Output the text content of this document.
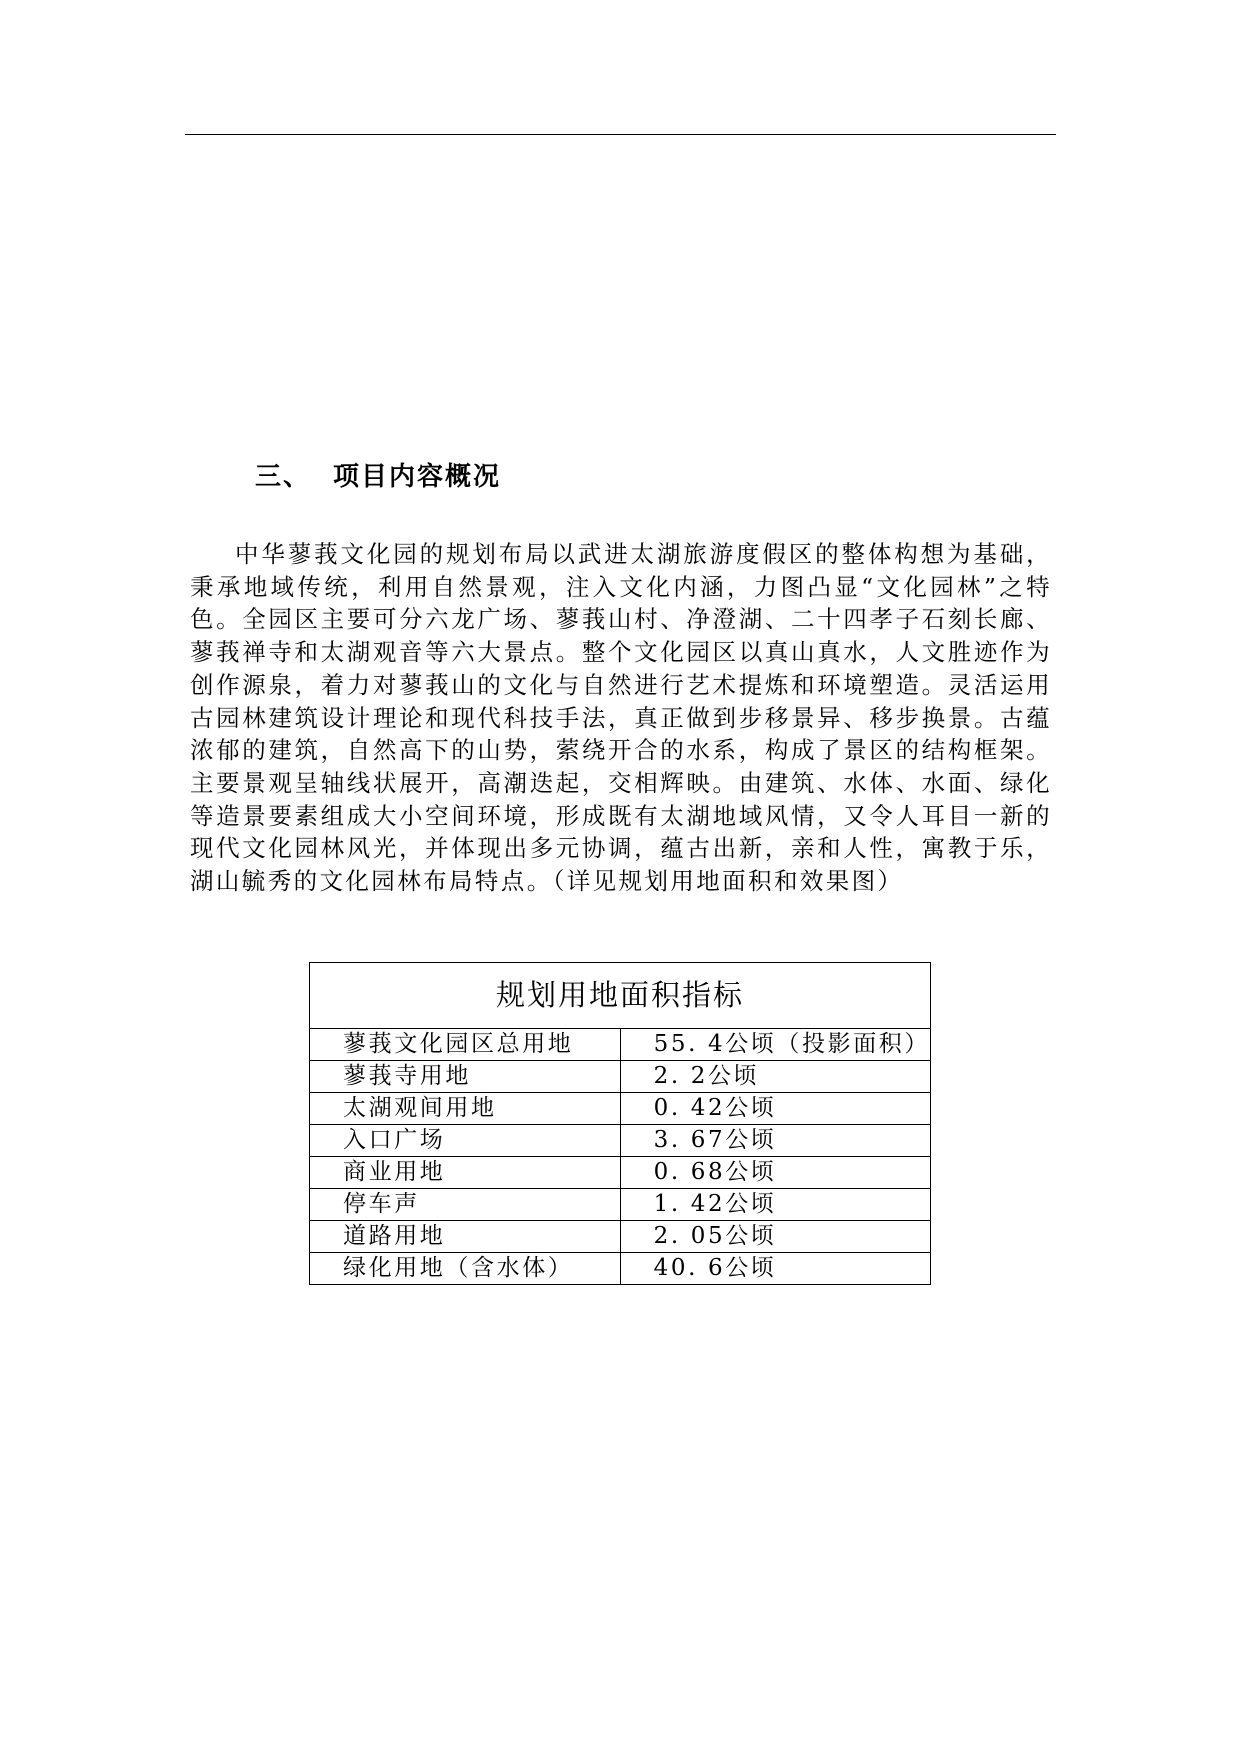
三、 项目内容概况

中华蓼莪文化园的规划布局以武进太湖旅游度假区的整体构想为基础，秉承地域传统，利用自然景观，注入文化内涵，力图凸显“文化园林”之特色。全园区主要可分六龙广场、蓼莪山村、净澄湖、二十四孝子石刻长廊、蓼莪禅寺和太湖观音等六大景点。整个文化园区以真山真水，人文胜迹作为创作源泉，着力对蓼莪山的文化与自然进行艺术提炼和环境塑造。灵活运用古园林建筑设计理论和现代科技手法，真正做到步移景异、移步换景。古蕴浓郁的建筑，自然高下的山势，萦绕开合的水系，构成了景区的结构框架。主要景观呈轴线状展开，高潮迭起，交相辉映。由建筑、水体、水面、绿化等造景要素组成大小空间环境，形成既有太湖地域风情，又令人耳目一新的现代文化园林风光，并体现出多元协调，蕴古出新，亲和人性，寓教于乐，湖山毓秀的文化园林布局特点。（详见规划用地面积和效果图）

规划用地面积指标
蓼莪文化园区总用地	55. 4公顷（投影面积）
蓼莪寺用地	2. 2公顷
太湖观间用地	0. 42公顷
入口广场	3. 67公顷
商业用地	0. 68公顷
停车声	1. 42公顷
道路用地	2. 05公顷
绿化用地（含水体）	40. 6公顷
